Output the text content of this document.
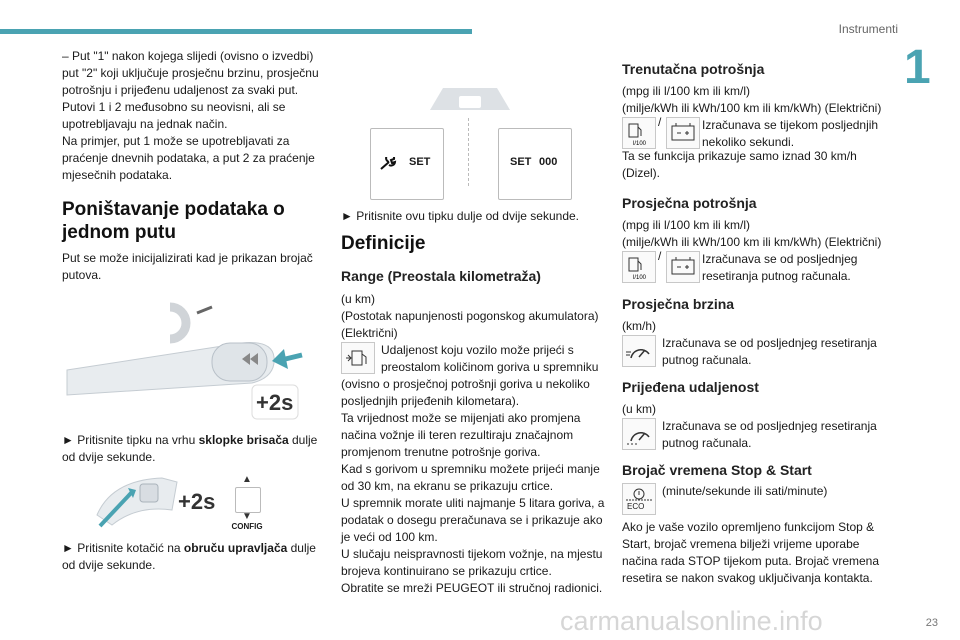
Instrumenti
1

– Put "1" nakon kojega slijedi (ovisno o izvedbi)

put "2" koji uključuje prosječnu brzinu, prosječnu

potrošnju i prijeđenu udaljenost za svaki put.

Putovi 1 i 2 međusobno su neovisni, ali se

upotrebljavaju na jednak način.

Na primjer, put 1 može se upotrebljavati za

praćenje dnevnih podataka, a put 2 za praćenje

mjesečnih podataka.

Poništavanje podataka o jednom putu

Put se može inicijalizirati kad je prikazan brojač putova.

+2s

► Pritisnite tipku na vrhu sklopke brisača dulje od dvije sekunde.

+2s
▲
▼
CONFIG

► Pritisnite kotačić na obruču upravljača dulje od dvije sekunde.

SET	SET 000

► Pritisnite ovu tipku dulje od dvije sekunde.

Definicije
Range (Preostala kilometraža)

(u km)

(Postotak napunjenosti pogonskog akumulatora) (Električni)

Udaljenost koju vozilo može prijeći s preostalom količinom goriva u spremniku

(ovisno o prosječnoj potrošnji goriva u nekoliko posljednjih prijeđenih kilometara).

Ta vrijednost može se mijenjati ako promjena načina vožnje ili teren rezultiraju značajnom promjenom trenutne potrošnje goriva.

Kad s gorivom u spremniku možete prijeći manje od 30 km, na ekranu se prikazuju crtice.

U spremnik morate uliti najmanje 5 litara goriva, a podatak o dosegu preračunava se i prikazuje ako je veći od 100 km.

U slučaju neispravnosti tijekom vožnje, na mjestu brojeva kontinuirano se prikazuju crtice.

Obratite se mreži PEUGEOT ili stručnoj radionici.

Trenutačna potrošnja

(mpg ili l/100 km ili km/l)

(milje/kWh ili kWh/100 km ili km/kWh) (Električni)

l/100
/	Izračunava se tijekom posljednjih nekoliko sekundi.

Ta se funkcija prikazuje samo iznad 30 km/h (Dizel).

Prosječna potrošnja

(mpg ili l/100 km ili km/l)

(milje/kWh ili kWh/100 km ili km/kWh) (Električni)

l/100
/	Izračunava se od posljednjeg resetiranja putnog računala.

Prosječna brzina

(km/h)

Izračunava se od posljednjeg resetiranja putnog računala.

Prijeđena udaljenost

(u km)

Izračunava se od posljednjeg resetiranja putnog računala.

Brojač vremena Stop & Start
ECO

(minute/sekunde ili sati/minute)

Ako je vaše vozilo opremljeno funkcijom Stop & Start, brojač vremena bilježi vrijeme uporabe načina rada STOP tijekom puta. Brojač vremena resetira se nakon svakog uključivanja kontakta.

carmanualsonline.info	23
